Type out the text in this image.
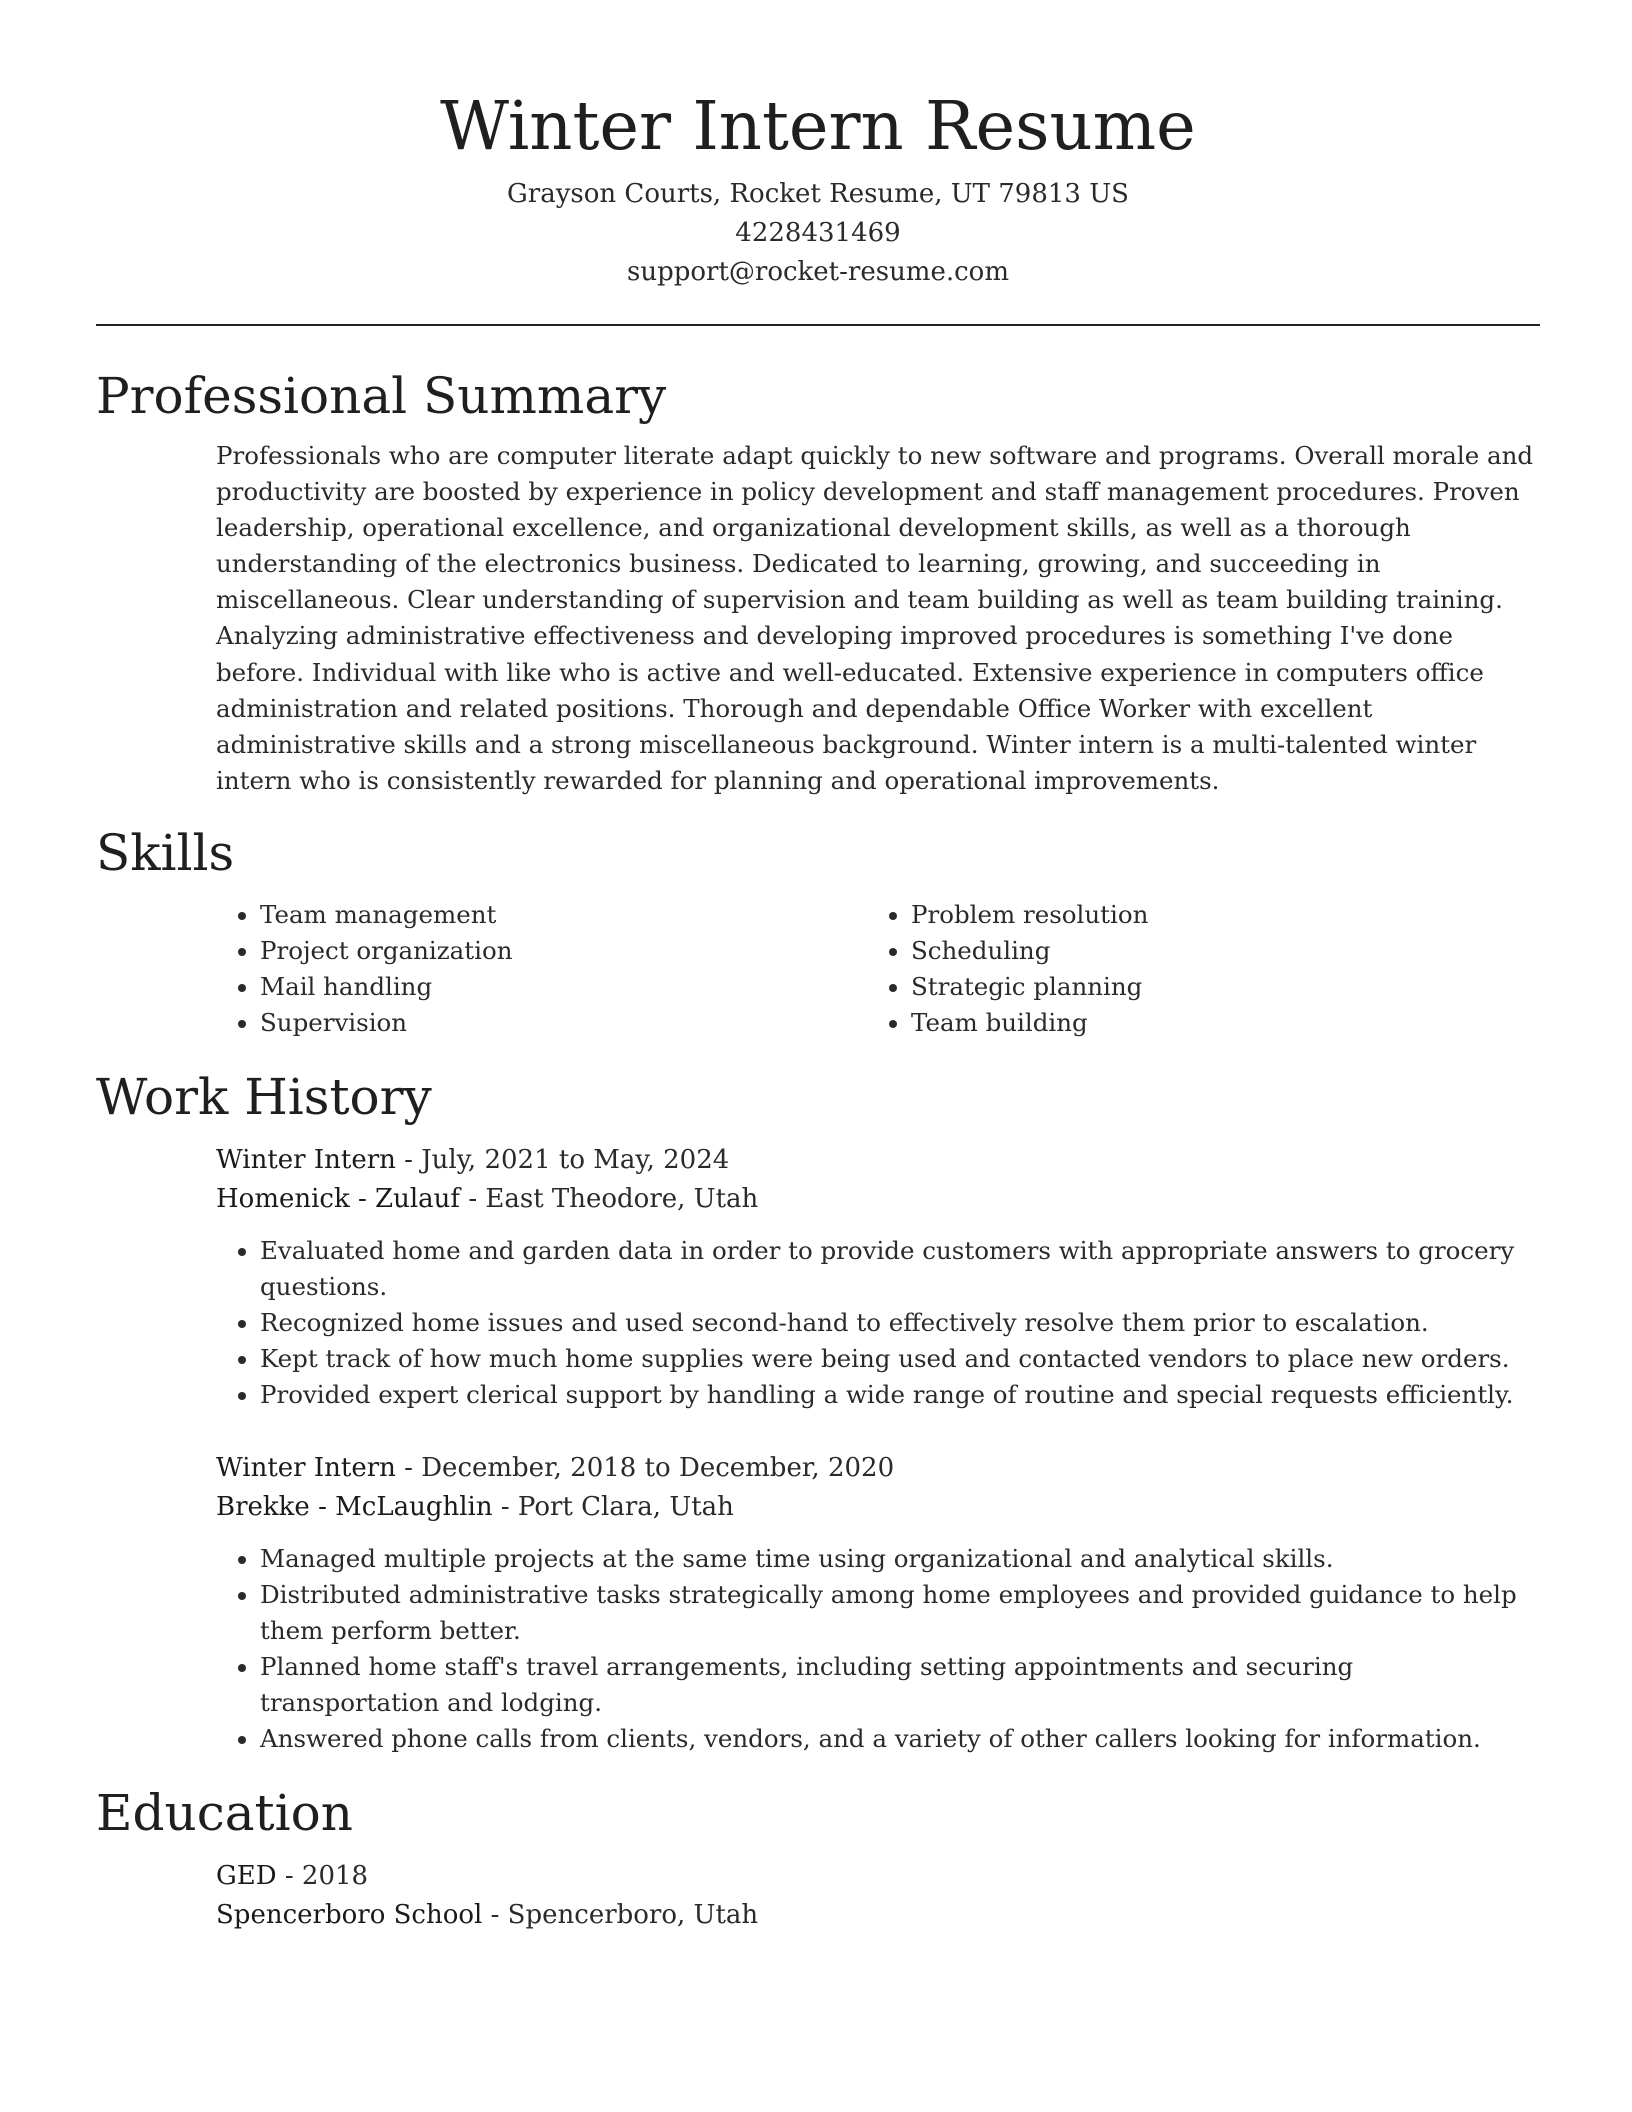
Winter Intern Resume
Grayson Courts, Rocket Resume, UT 79813 US
4228431469
support@rocket-resume.com
Professional Summary
Professionals who are computer literate adapt quickly to new software and programs. Overall morale and productivity are boosted by experience in policy development and staff management procedures. Proven leadership, operational excellence, and organizational development skills, as well as a thorough understanding of the electronics business. Dedicated to learning, growing, and succeeding in miscellaneous. Clear understanding of supervision and team building as well as team building training. Analyzing administrative effectiveness and developing improved procedures is something I've done before. Individual with like who is active and well-educated. Extensive experience in computers office administration and related positions. Thorough and dependable Office Worker with excellent administrative skills and a strong miscellaneous background. Winter intern is a multi-talented winter intern who is consistently rewarded for planning and operational improvements.
Skills
• Team management
• Project organization
• Mail handling
• Supervision
• Problem resolution
• Scheduling
• Strategic planning
• Team building
Work History
Winter Intern - July, 2021 to May, 2024
Homenick - Zulauf - East Theodore, Utah
• Evaluated home and garden data in order to provide customers with appropriate answers to grocery questions.
• Recognized home issues and used second-hand to effectively resolve them prior to escalation.
• Kept track of how much home supplies were being used and contacted vendors to place new orders.
• Provided expert clerical support by handling a wide range of routine and special requests efficiently.
Winter Intern - December, 2018 to December, 2020
Brekke - McLaughlin - Port Clara, Utah
• Managed multiple projects at the same time using organizational and analytical skills.
• Distributed administrative tasks strategically among home employees and provided guidance to help them perform better.
• Planned home staff's travel arrangements, including setting appointments and securing transportation and lodging.
• Answered phone calls from clients, vendors, and a variety of other callers looking for information.
Education
GED - 2018
Spencerboro School - Spencerboro, Utah
